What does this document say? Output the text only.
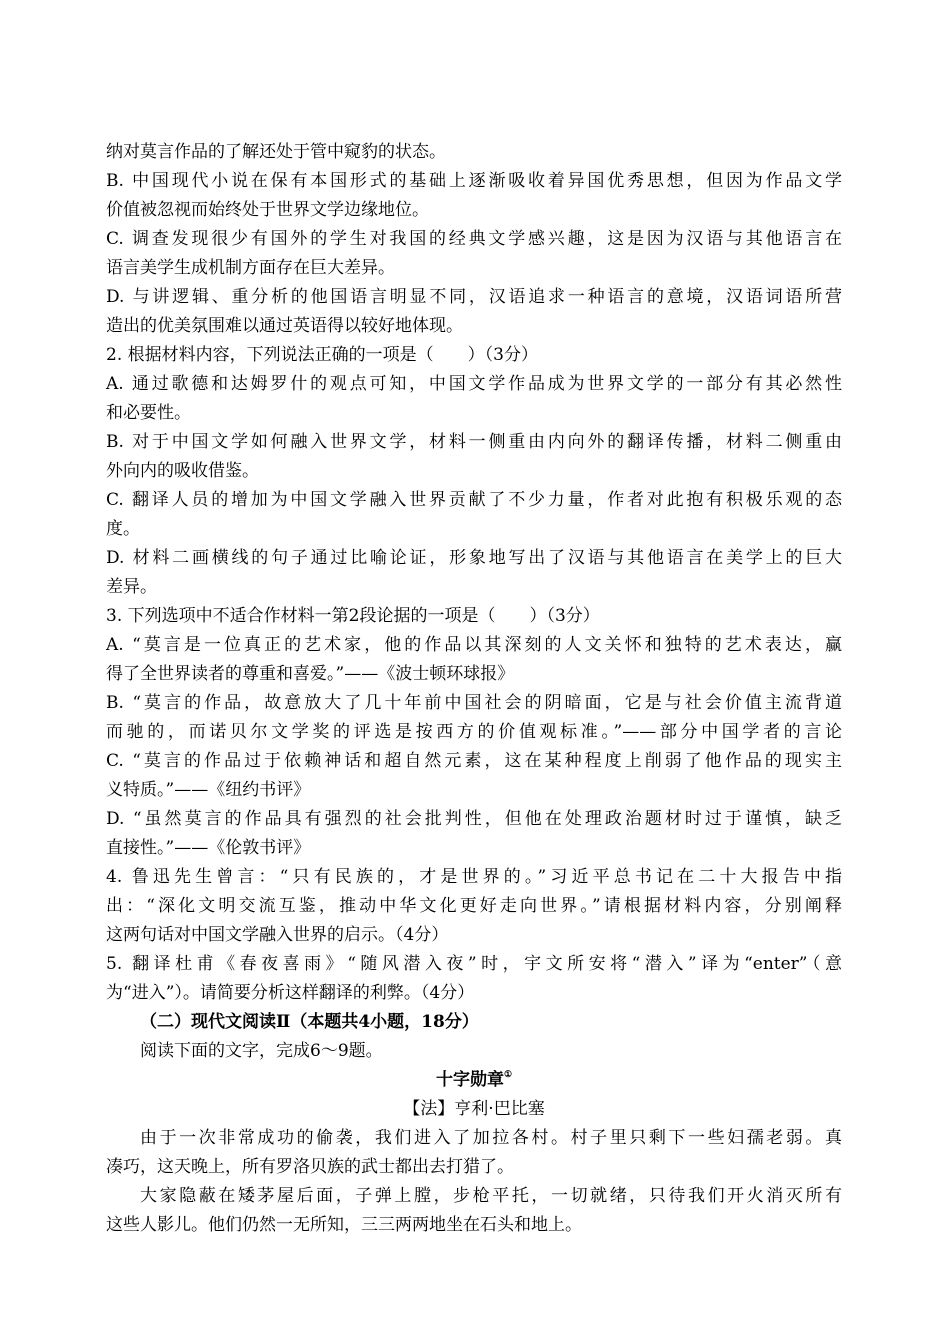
纳对莫言作品的了解还处于管中窥豹的状态。
B. 中国现代小说在保有本国形式的基础上逐渐吸收着异国优秀思想，但因为作品文学
价值被忽视而始终处于世界文学边缘地位。
C. 调查发现很少有国外的学生对我国的经典文学感兴趣，这是因为汉语与其他语言在
语言美学生成机制方面存在巨大差异。
D. 与讲逻辑、重分析的他国语言明显不同，汉语追求一种语言的意境，汉语词语所营
造出的优美氛围难以通过英语得以较好地体现。
2. 根据材料内容，下列说法正确的一项是（　　）（3分）
A. 通过歌德和达姆罗什的观点可知，中国文学作品成为世界文学的一部分有其必然性
和必要性。
B. 对于中国文学如何融入世界文学，材料一侧重由内向外的翻译传播，材料二侧重由
外向内的吸收借鉴。
C. 翻译人员的增加为中国文学融入世界贡献了不少力量，作者对此抱有积极乐观的态
度。
D. 材料二画横线的句子通过比喻论证，形象地写出了汉语与其他语言在美学上的巨大
差异。
3. 下列选项中不适合作材料一第2段论据的一项是（　　）（3分）
A. “莫言是一位真正的艺术家，他的作品以其深刻的人文关怀和独特的艺术表达，赢
得了全世界读者的尊重和喜爱。”——《波士顿环球报》
B. “莫言的作品，故意放大了几十年前中国社会的阴暗面，它是与社会价值主流背道
而驰的，而诺贝尔文学奖的评选是按西方的价值观标准。”——部分中国学者的言论
C. “莫言的作品过于依赖神话和超自然元素，这在某种程度上削弱了他作品的现实主
义特质。”——《纽约书评》
D. “虽然莫言的作品具有强烈的社会批判性，但他在处理政治题材时过于谨慎，缺乏
直接性。”——《伦敦书评》
4. 鲁迅先生曾言：“只有民族的，才是世界的。”习近平总书记在二十大报告中指
出：“深化文明交流互鉴，推动中华文化更好走向世界。”请根据材料内容，分别阐释
这两句话对中国文学融入世界的启示。（4分）
5. 翻译杜甫《春夜喜雨》“随风潜入夜”时，宇文所安将“潜入”译为“enter”（意
为“进入”）。请简要分析这样翻译的利弊。（4分）
（二）现代文阅读Ⅱ（本题共4小题，18分）
阅读下面的文字，完成6～9题。
十字勋章①
【法】亨利·巴比塞
由于一次非常成功的偷袭，我们进入了加拉各村。村子里只剩下一些妇孺老弱。真
凑巧，这天晚上，所有罗洛贝族的武士都出去打猎了。
大家隐蔽在矮茅屋后面，子弹上膛，步枪平托，一切就绪，只待我们开火消灭所有
这些人影儿。他们仍然一无所知，三三两两地坐在石头和地上。
